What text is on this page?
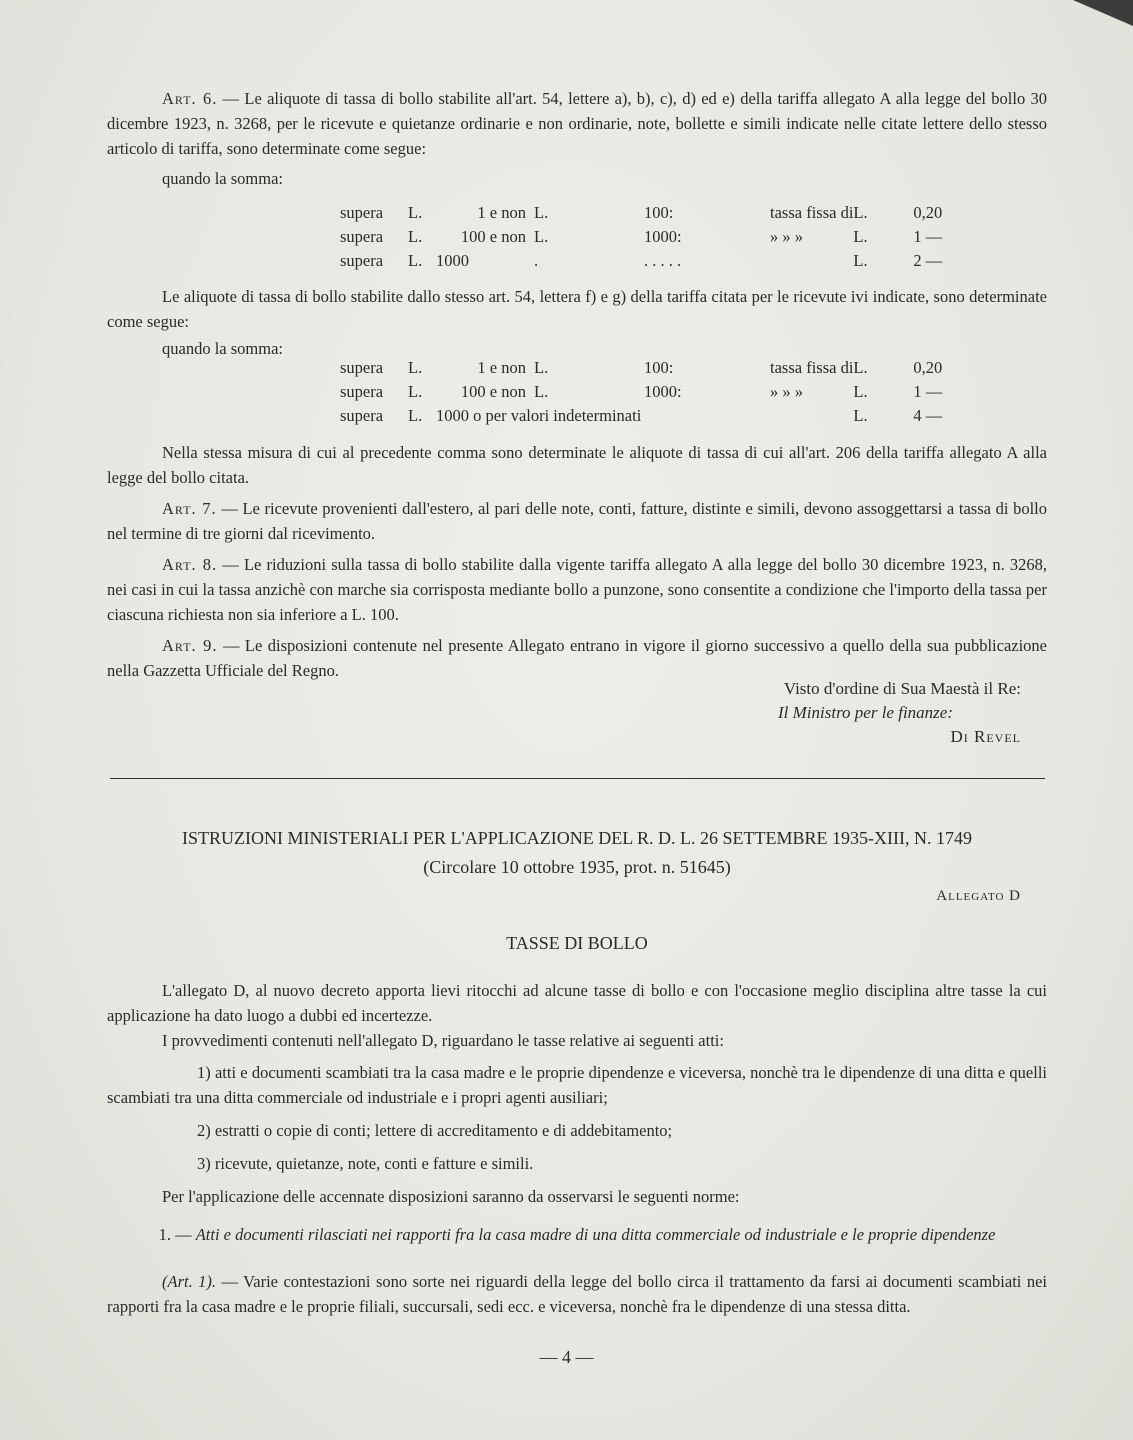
Art. 6. — Le aliquote di tassa di bollo stabilite all'art. 54, lettere a), b), c), d) ed e) della tariffa allegato A alla legge del bollo 30 dicembre 1923, n. 3268, per le ricevute e quietanze ordinarie e non ordinarie, note, bollette e simili indicate nelle citate lettere dello stesso articolo di tariffa, sono determinate come segue:

quando la somma:

supera	L.	1 e non	L.	100:	tassa fissa di	L.	0,20
supera	L.	100 e non	L.	1000:	» » »	L.	1 —
supera	L.	1000	.	. . . . .		L.	2 —

Le aliquote di tassa di bollo stabilite dallo stesso art. 54, lettera f) e g) della tariffa citata per le ricevute ivi indicate, sono determinate come segue:

quando la somma:

supera	L.	1 e non	L.	100:	tassa fissa di	L.	0,20
supera	L.	100 e non	L.	1000:	» » »	L.	1 —
supera	L.	1000 o per valori indeterminati				L.	4 —

Nella stessa misura di cui al precedente comma sono determinate le aliquote di tassa di cui all'art. 206 della tariffa allegato A alla legge del bollo citata.

Art. 7. — Le ricevute provenienti dall'estero, al pari delle note, conti, fatture, distinte e simili, devono assoggettarsi a tassa di bollo nel termine di tre giorni dal ricevimento.

Art. 8. — Le riduzioni sulla tassa di bollo stabilite dalla vigente tariffa allegato A alla legge del bollo 30 dicembre 1923, n. 3268, nei casi in cui la tassa anzichè con marche sia corrisposta mediante bollo a punzone, sono consentite a condizione che l'importo della tassa per ciascuna richiesta non sia inferiore a L. 100.

Art. 9. — Le disposizioni contenute nel presente Allegato entrano in vigore il giorno successivo a quello della sua pubblicazione nella Gazzetta Ufficiale del Regno.

Visto d'ordine di Sua Maestà il Re:
Il Ministro per le finanze:
Di Revel
ISTRUZIONI MINISTERIALI PER L'APPLICAZIONE DEL R. D. L. 26 SETTEMBRE 1935-XIII, N. 1749
(Circolare 10 ottobre 1935, prot. n. 51645)
Allegato D
TASSE DI BOLLO

L'allegato D, al nuovo decreto apporta lievi ritocchi ad alcune tasse di bollo e con l'occasione meglio disciplina altre tasse la cui applicazione ha dato luogo a dubbi ed incertezze.

I provvedimenti contenuti nell'allegato D, riguardano le tasse relative ai seguenti atti:

1) atti e documenti scambiati tra la casa madre e le proprie dipendenze e viceversa, nonchè tra le dipendenze di una ditta e quelli scambiati tra una ditta commerciale od industriale e i propri agenti ausiliari;

2) estratti o copie di conti; lettere di accreditamento e di addebitamento;

3) ricevute, quietanze, note, conti e fatture e simili.

Per l'applicazione delle accennate disposizioni saranno da osservarsi le seguenti norme:

1. — Atti e documenti rilasciati nei rapporti fra la casa madre di una ditta commerciale od industriale e le proprie dipendenze

(Art. 1). — Varie contestazioni sono sorte nei riguardi della legge del bollo circa il trattamento da farsi ai documenti scambiati nei rapporti fra la casa madre e le proprie filiali, succursali, sedi ecc. e viceversa, nonchè fra le dipendenze di una stessa ditta.

— 4 —
